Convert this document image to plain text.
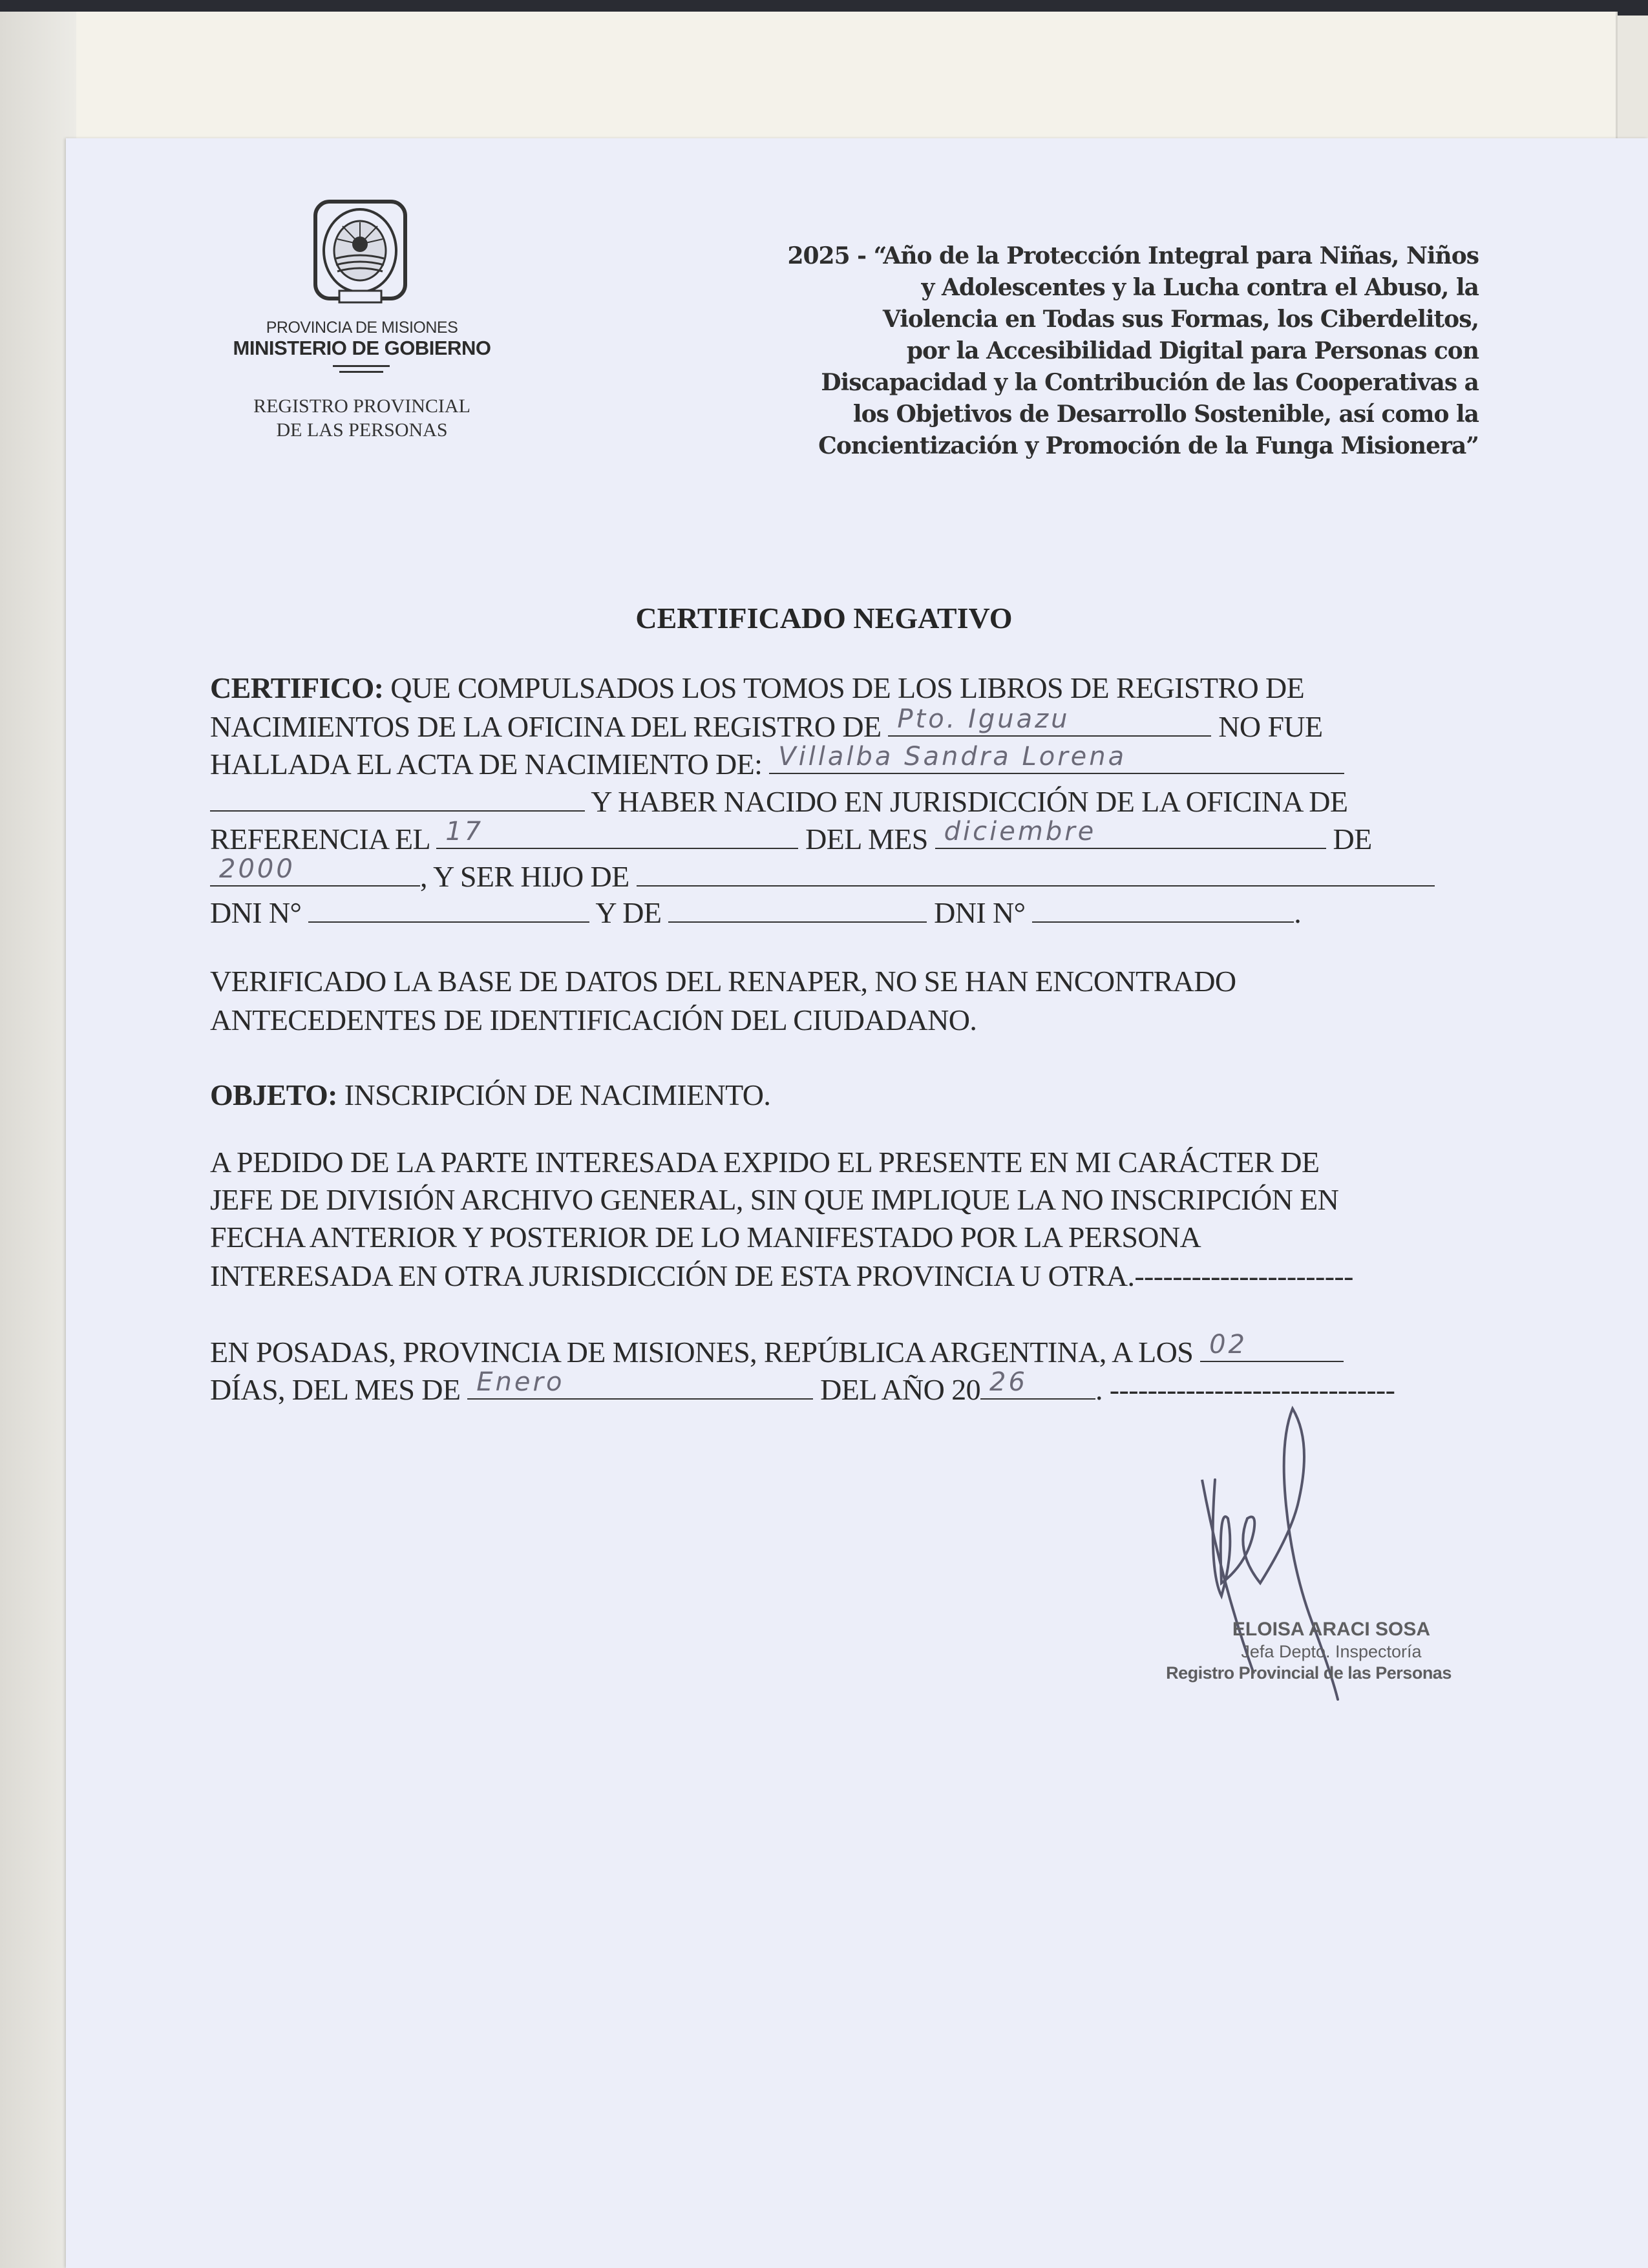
PROVINCIA DE MISIONES
MINISTERIO DE GOBIERNO
REGISTRO PROVINCIAL
DE LAS PERSONAS
2025 - “Año de la Protección Integral para Niñas, Niños
y Adolescentes y la Lucha contra el Abuso, la
Violencia en Todas sus Formas, los Ciberdelitos,
por la Accesibilidad Digital para Personas con
Discapacidad y la Contribución de las Cooperativas a
los Objetivos de Desarrollo Sostenible, así como la
Concientización y Promoción de la Funga Misionera”
CERTIFICADO NEGATIVO
CERTIFICO: QUE COMPULSADOS LOS TOMOS DE LOS LIBROS DE REGISTRO DE
NACIMIENTOS DE LA OFICINA DEL REGISTRO DE Pto. Iguazu	NO FUE
HALLADA EL ACTA DE NACIMIENTO DE: Villalba Sandra Lorena
Y HABER NACIDO EN JURISDICCIÓN DE LA OFICINA DE
REFERENCIA EL 17	DEL MES diciembre	DE
2000	, Y SER HIJO DE
DNI N°	Y DE	DNI N°	.
VERIFICADO LA BASE DE DATOS DEL RENAPER, NO SE HAN ENCONTRADO
ANTECEDENTES DE IDENTIFICACIÓN DEL CIUDADANO.
OBJETO: INSCRIPCIÓN DE NACIMIENTO.
A PEDIDO DE LA PARTE INTERESADA EXPIDO EL PRESENTE EN MI CARÁCTER DE
JEFE DE DIVISIÓN ARCHIVO GENERAL, SIN QUE IMPLIQUE LA NO INSCRIPCIÓN EN
FECHA ANTERIOR Y POSTERIOR DE LO MANIFESTADO POR LA PERSONA
INTERESADA EN OTRA JURISDICCIÓN DE ESTA PROVINCIA U OTRA.-----------------------
EN POSADAS, PROVINCIA DE MISIONES, REPÚBLICA ARGENTINA, A LOS 02
DÍAS, DEL MES DE Enero	DEL AÑO 20 26 . ------------------------------
ELOISA ARACI SOSA
Jefa Depto. Inspectoría
Registro Provincial de las Personas
